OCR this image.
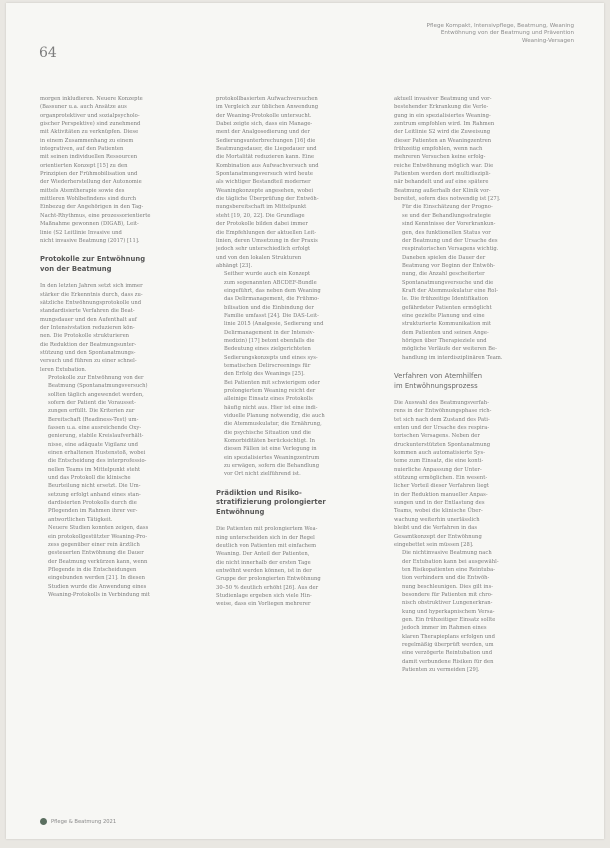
64
Pflege Kompakt, Intensivpflege, Beatmung, Weaning
Entwöhnung von der Beatmung und Prävention
Weaning-Versagen

morgen inkludieren. Neuere Konzepte
(Bassuner u.a. auch Ansätze aus
organprotektiver und sozialpsycholo-
gischer Perspektive) sind zunehmend
mit Aktivitäten zu verknüpfen. Diese
in einem Zusammenhang zu einem
integrativen, auf den Patienten
mit seinen individuellen Ressourcen
orientierten Konzept [15] zu den
Prinzipien der Frühmobilisation und
der Wiederherstellung der Autonomie
mittels Atemtherapie sowie des
mittleren Wohlbefindens sind durch
Einbezug der Angehörigen in den Tag-
Nacht-Rhythmus, eine prozessorientierte
Maßnahme gewonnen (DIGAB), Leit-
linie (S2 Leitlinie Invasive und
nicht invasive Beatmung (2017) [11].

Protokolle zur Entwöhnung
von der Beatmung

In den letzten Jahren setzt sich immer
stärker die Erkenntnis durch, dass zu-
sätzliche Entwöhnungsprotokolle und
standardisierte Verfahren die Beat-
mungsdauer und den Aufenthalt auf
der Intensivstation reduzieren kön-
nen. Die Protokolle strukturieren
die Reduktion der Beatmungsunter-
stützung und den Spontanatmungs-
versuch und führen zu einer schnel-
leren Extubation.

Protokolle zur Entwöhnung von der
Beatmung (Spontanatmungsversuch)
sollten täglich angewendet werden,
sofern der Patient die Vorausset-
zungen erfüllt. Die Kriterien zur
Bereitschaft (Readiness-Test) um-
fassen u.a. eine ausreichende Oxy-
genierung, stabile Kreislaufverhält-
nisse, eine adäquate Vigilanz und
einen erhaltenen Hustenstoß, wobei
die Entscheidung des interprofessio-
nellen Teams im Mittelpunkt steht
und das Protokoll die klinische
Beurteilung nicht ersetzt. Die Um-
setzung erfolgt anhand eines stan-
dardisierten Protokolls durch die
Pflegenden im Rahmen ihrer ver-
antwortlichen Tätigkeit.

Neuere Studien konnten zeigen, dass
ein protokollgestützter Weaning-Pro-
zess gegenüber einer rein ärztlich
gesteuerten Entwöhnung die Dauer
der Beatmung verkürzen kann, wenn
Pflegende in die Entscheidungen
eingebunden werden [21]. In diesen
Studien wurde die Anwendung eines
Weaning-Protokolls in Verbindung mit

protokollbasierten Aufwachversuchen
im Vergleich zur üblichen Anwendung
der Weaning-Protokolle untersucht.
Dabei zeigte sich, dass ein Manage-
ment der Analgosedierung und der
Sedierungsunterbrechungen [16] die
Beatmungsdauer, die Liegedauer und
die Mortalität reduzieren kann. Eine
Kombination aus Aufwachversuch und
Spontanatmungsversuch wird heute
als wichtiger Bestandteil moderner
Weaningkonzepte angesehen, wobei
die tägliche Überprüfung der Entwöh-
nungsbereitschaft im Mittelpunkt
steht [19, 20, 22]. Die Grundlage
der Protokolle bilden dabei immer
die Empfehlungen der aktuellen Leit-
linien, deren Umsetzung in der Praxis
jedoch sehr unterschiedlich erfolgt
und von den lokalen Strukturen
abhängt [23].

Seither wurde auch ein Konzept
zum sogenannten ABCDEF-Bundle
eingeführt, das neben dem Weaning
das Delirmanagement, die Frühmo-
bilisation und die Einbindung der
Familie umfasst [24]. Die DAS-Leit-
linie 2015 (Analgesie, Sedierung und
Delirmanagement in der Intensiv-
medizin) [17] betont ebenfalls die
Bedeutung eines zielgerichteten
Sedierungskonzepts und eines sys-
tematischen Delirscreenings für
den Erfolg des Weanings [25].

Bei Patienten mit schwierigem oder
prolongiertem Weaning reicht der
alleinige Einsatz eines Protokolls
häufig nicht aus. Hier ist eine indi-
viduelle Planung notwendig, die auch
die Atemmuskulatur, die Ernährung,
die psychische Situation und die
Komorbiditäten berücksichtigt. In
diesen Fällen ist eine Verlegung in
ein spezialisiertes Weaningzentrum
zu erwägen, sofern die Behandlung
vor Ort nicht zielführend ist.

Prädiktion und Risiko-
stratifizierung prolongierter
Entwöhnung

Die Patienten mit prolongiertem Wea-
ning unterscheiden sich in der Regel
deutlich von Patienten mit einfachem
Weaning. Der Anteil der Patienten,
die nicht innerhalb der ersten Tage
entwöhnt werden können, ist in der
Gruppe der prolongierten Entwöhnung
30–50 % deutlich erhöht [26]. Aus der
Studienlage ergeben sich viele Hin-
weise, dass ein Vorliegen mehrerer

aktuell invasiver Beatmung und vor-
bestehender Erkrankung die Verle-
gung in ein spezialisiertes Weaning-
zentrum empfohlen wird. Im Rahmen
der Leitlinie S2 wird die Zuweisung
dieser Patienten an Weaningzentren
frühzeitig empfohlen, wenn nach
mehreren Versuchen keine erfolg-
reiche Entwöhnung möglich war. Die
Patienten werden dort multidiszipli-
när behandelt und auf eine spätere
Beatmung außerhalb der Klinik vor-
bereitet, sofern dies notwendig ist [27].

Für die Einschätzung der Progno-
se und der Behandlungsstrategie
sind Kenntnisse der Vorerkrankun-
gen, des funktionellen Status vor
der Beatmung und der Ursache des
respiratorischen Versagens wichtig.
Daneben spielen die Dauer der
Beatmung vor Beginn der Entwöh-
nung, die Anzahl gescheiterter
Spontanatmungsversuche und die
Kraft der Atemmuskulatur eine Rol-
le. Die frühzeitige Identifikation
gefährdeter Patienten ermöglicht
eine gezielte Planung und eine
strukturierte Kommunikation mit
dem Patienten und seinen Ange-
hörigen über Therapieziele und
mögliche Verläufe der weiteren Be-
handlung im interdisziplinären Team.

Verfahren von Atemhilfen
im Entwöhnungsprozess

Die Auswahl des Beatmungsverfah-
rens in der Entwöhnungsphase rich-
tet sich nach dem Zustand des Pati-
enten und der Ursache des respira-
torischen Versagens. Neben der
druckunterstützten Spontanatmung
kommen auch automatisierte Sys-
teme zum Einsatz, die eine konti-
nuierliche Anpassung der Unter-
stützung ermöglichen. Ein wesent-
licher Vorteil dieser Verfahren liegt
in der Reduktion manueller Anpas-
sungen und in der Entlastung des
Teams, wobei die klinische Über-
wachung weiterhin unerlässlich
bleibt und die Verfahren in das
Gesamtkonzept der Entwöhnung
eingebettet sein müssen [28].

Die nichtinvasive Beatmung nach
der Extubation kann bei ausgewähl-
ten Risikopatienten eine Reintuba-
tion verhindern und die Entwöh-
nung beschleunigen. Dies gilt ins-
besondere für Patienten mit chro-
nisch obstruktiver Lungenerkran-
kung und hyperkapnischem Versa-
gen. Ein frühzeitiger Einsatz sollte
jedoch immer im Rahmen eines
klaren Therapieplans erfolgen und
regelmäßig überprüft werden, um
eine verzögerte Reintubation und
damit verbundene Risiken für den
Patienten zu vermeiden [29].

Pflege & Beatmung 2021
